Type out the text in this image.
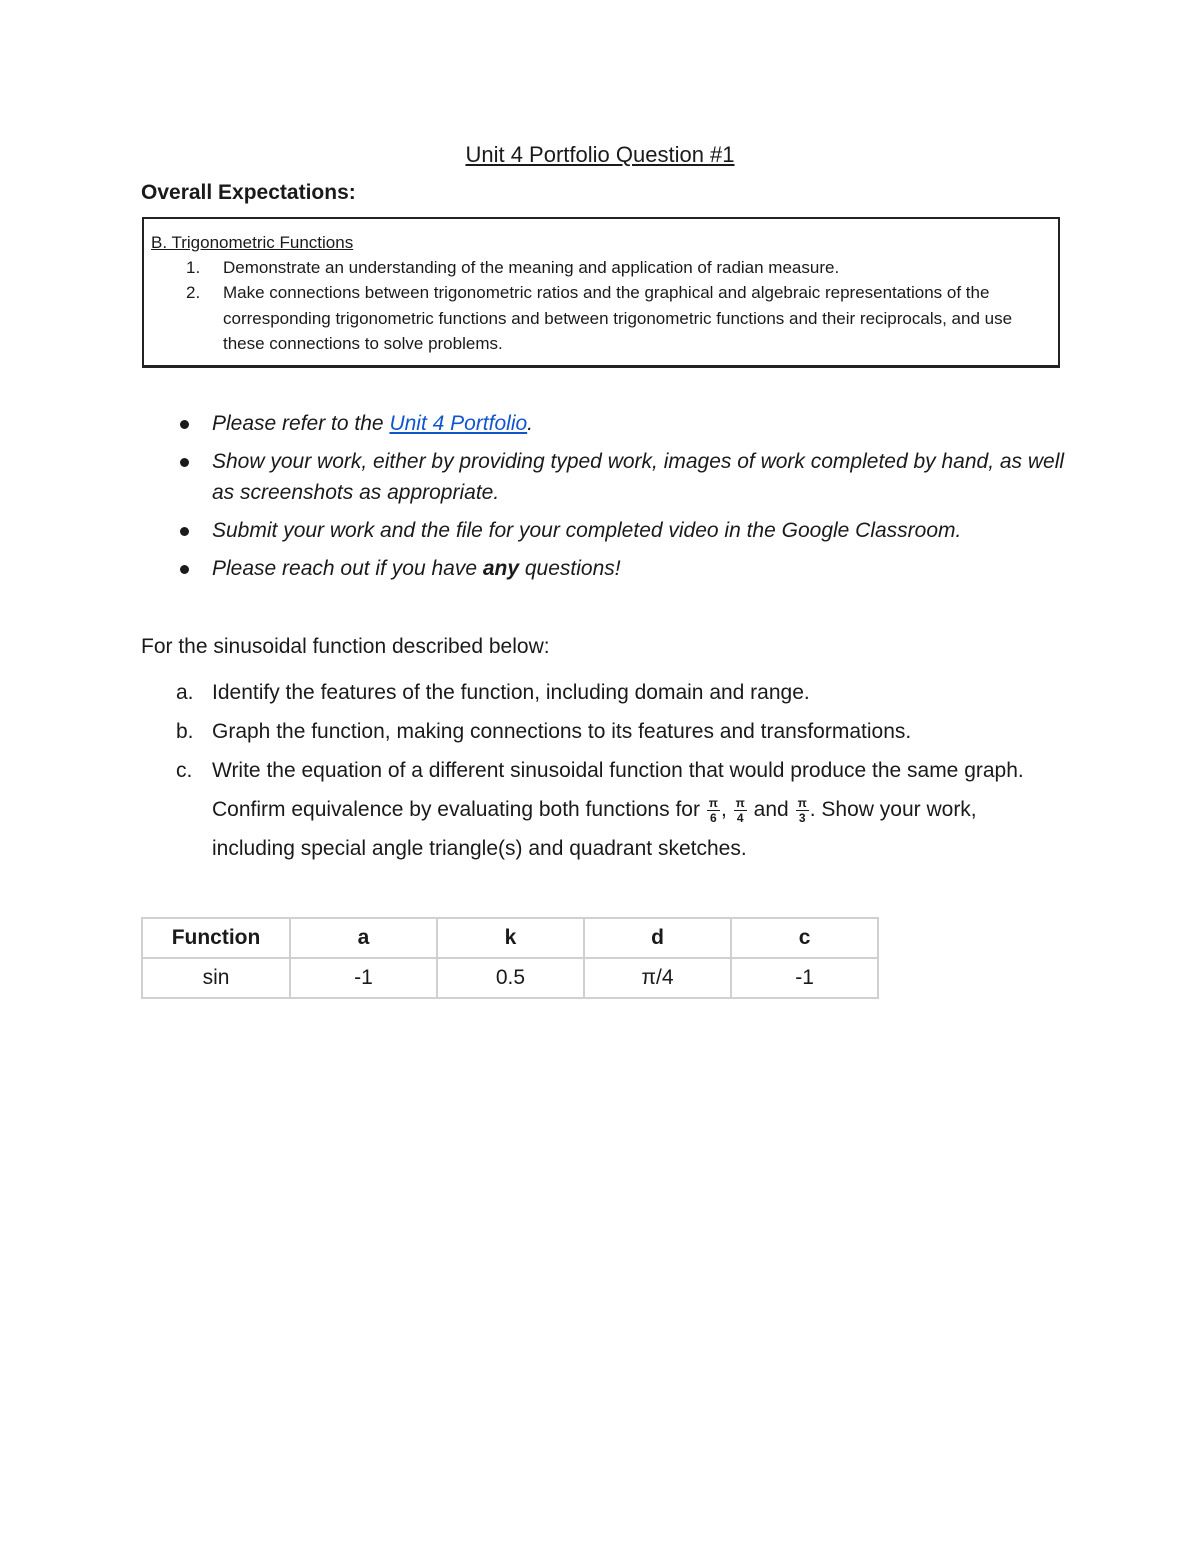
Unit 4 Portfolio Question #1
Overall Expectations:
B. Trigonometric Functions
1. Demonstrate an understanding of the meaning and application of radian measure.
2. Make connections between trigonometric ratios and the graphical and algebraic representations of the corresponding trigonometric functions and between trigonometric functions and their reciprocals, and use these connections to solve problems.
Please refer to the Unit 4 Portfolio.
Show your work, either by providing typed work, images of work completed by hand, as well as screenshots as appropriate.
Submit your work and the file for your completed video in the Google Classroom.
Please reach out if you have any questions!
For the sinusoidal function described below:
a. Identify the features of the function, including domain and range.
b. Graph the function, making connections to its features and transformations.
c. Write the equation of a different sinusoidal function that would produce the same graph. Confirm equivalence by evaluating both functions for $\frac{\pi}{6}$ , $\frac{\pi}{4}$ and $\frac{\pi}{3}$ . Show your work, including special angle triangle(s) and quadrant sketches.
Function	a	k	d	c
sin	-1	0.5	π/4	-1
